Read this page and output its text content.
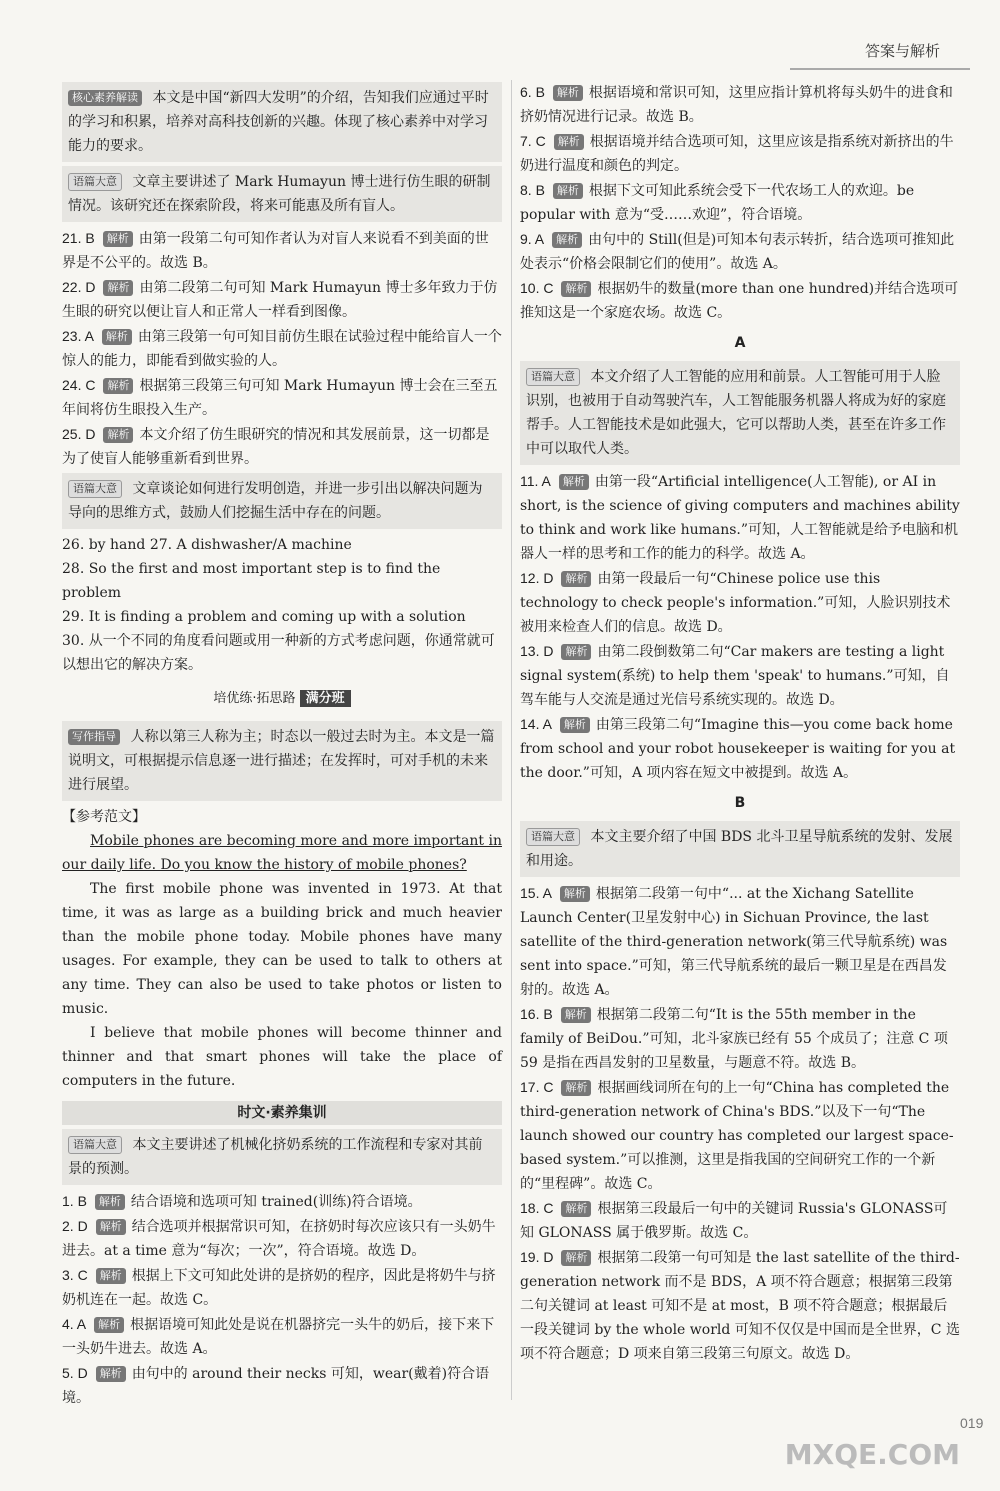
答案与解析
核心素养解读 本文是中国“新四大发明”的介绍，告知我们应通过平时的学习和积累，培养对高科技创新的兴趣。体现了核心素养中对学习能力的要求。
语篇大意 文章主要讲述了 Mark Humayun 博士进行仿生眼的研制情况。该研究还在探索阶段，将来可能惠及所有盲人。
21. B 解析 由第一段第二句可知作者认为对盲人来说看不到美面的世界是不公平的。故选 B。
22. D 解析 由第二段第二句可知 Mark Humayun 博士多年致力于仿生眼的研究以便让盲人和正常人一样看到图像。
23. A 解析 由第三段第一句可知目前仿生眼在试验过程中能给盲人一个惊人的能力，即能看到做实验的人。
24. C 解析 根据第三段第三句可知 Mark Humayun 博士会在三至五年间将仿生眼投入生产。
25. D 解析 本文介绍了仿生眼研究的情况和其发展前景，这一切都是为了使盲人能够重新看到世界。
语篇大意 文章谈论如何进行发明创造，并进一步引出以解决问题为导向的思维方式，鼓励人们挖掘生活中存在的问题。
26. by hand 27. A dishwasher/A machine
28. So the first and most important step is to find the problem
29. It is finding a problem and coming up with a solution
30. 从一个不同的角度看问题或用一种新的方式考虑问题，你通常就可以想出它的解决方案。
培优练·拓思路 满分班
写作指导 人称以第三人称为主；时态以一般过去时为主。本文是一篇说明文，可根据提示信息逐一进行描述；在发挥时，可对手机的未来进行展望。
【参考范文】

Mobile phones are becoming more and more important in our daily life. Do you know the history of mobile phones?

The first mobile phone was invented in 1973. At that time, it was as large as a building brick and much heavier than the mobile phone today. Mobile phones have many usages. For example, they can be used to talk to others at any time. They can also be used to take photos or listen to music.

I believe that mobile phones will become thinner and thinner and that smart phones will take the place of computers in the future.

时文·素养集训
语篇大意 本文主要讲述了机械化挤奶系统的工作流程和专家对其前景的预测。
1. B 解析 结合语境和选项可知 trained(训练)符合语境。
2. D 解析 结合选项并根据常识可知，在挤奶时每次应该只有一头奶牛进去。at a time 意为“每次；一次”，符合语境。故选 D。
3. C 解析 根据上下文可知此处讲的是挤奶的程序，因此是将奶牛与挤奶机连在一起。故选 C。
4. A 解析 根据语境可知此处是说在机器挤完一头牛的奶后，接下来下一头奶牛进去。故选 A。
5. D 解析 由句中的 around their necks 可知，wear(戴着)符合语境。
6. B 解析 根据语境和常识可知，这里应指计算机将每头奶牛的进食和挤奶情况进行记录。故选 B。
7. C 解析 根据语境并结合选项可知，这里应该是指系统对新挤出的牛奶进行温度和颜色的判定。
8. B 解析 根据下文可知此系统会受下一代农场工人的欢迎。be popular with 意为“受……欢迎”，符合语境。
9. A 解析 由句中的 Still(但是)可知本句表示转折，结合选项可推知此处表示“价格会限制它们的使用”。故选 A。
10. C 解析 根据奶牛的数量(more than one hundred)并结合选项可推知这是一个家庭农场。故选 C。
A
语篇大意 本文介绍了人工智能的应用和前景。人工智能可用于人脸识别，也被用于自动驾驶汽车，人工智能服务机器人将成为好的家庭帮手。人工智能技术是如此强大，它可以帮助人类，甚至在许多工作中可以取代人类。
11. A 解析 由第一段“Artificial intelligence(人工智能), or AI in short, is the science of giving computers and machines ability to think and work like humans.”可知，人工智能就是给予电脑和机器人一样的思考和工作的能力的科学。故选 A。
12. D 解析 由第一段最后一句“Chinese police use this technology to check people's information.”可知，人脸识别技术被用来检查人们的信息。故选 D。
13. D 解析 由第二段倒数第二句“Car makers are testing a light signal system(系统) to help them 'speak' to humans.”可知，自驾车能与人交流是通过光信号系统实现的。故选 D。
14. A 解析 由第三段第二句“Imagine this—you come back home from school and your robot housekeeper is waiting for you at the door.”可知，A 项内容在短文中被提到。故选 A。
B
语篇大意 本文主要介绍了中国 BDS 北斗卫星导航系统的发射、发展和用途。
15. A 解析 根据第二段第一句中“... at the Xichang Satellite Launch Center(卫星发射中心) in Sichuan Province, the last satellite of the third-generation network(第三代导航系统) was sent into space.”可知，第三代导航系统的最后一颗卫星是在西昌发射的。故选 A。
16. B 解析 根据第二段第二句“It is the 55th member in the family of BeiDou.”可知，北斗家族已经有 55 个成员了；注意 C 项 59 是指在西昌发射的卫星数量，与题意不符。故选 B。
17. C 解析 根据画线词所在句的上一句“China has completed the third-generation network of China's BDS.”以及下一句“The launch showed our country has completed our largest space-based system.”可以推测，这里是指我国的空间研究工作的一个新的“里程碑”。故选 C。
18. C 解析 根据第三段最后一句中的关键词 Russia's GLONASS可知 GLONASS 属于俄罗斯。故选 C。
19. D 解析 根据第二段第一句可知是 the last satellite of the third-generation network 而不是 BDS，A 项不符合题意；根据第三段第二句关键词 at least 可知不是 at most，B 项不符合题意；根据最后一段关键词 by the whole world 可知不仅仅是中国而是全世界，C 选项不符合题意；D 项来自第三段第三句原文。故选 D。
019
MXQE.COM
